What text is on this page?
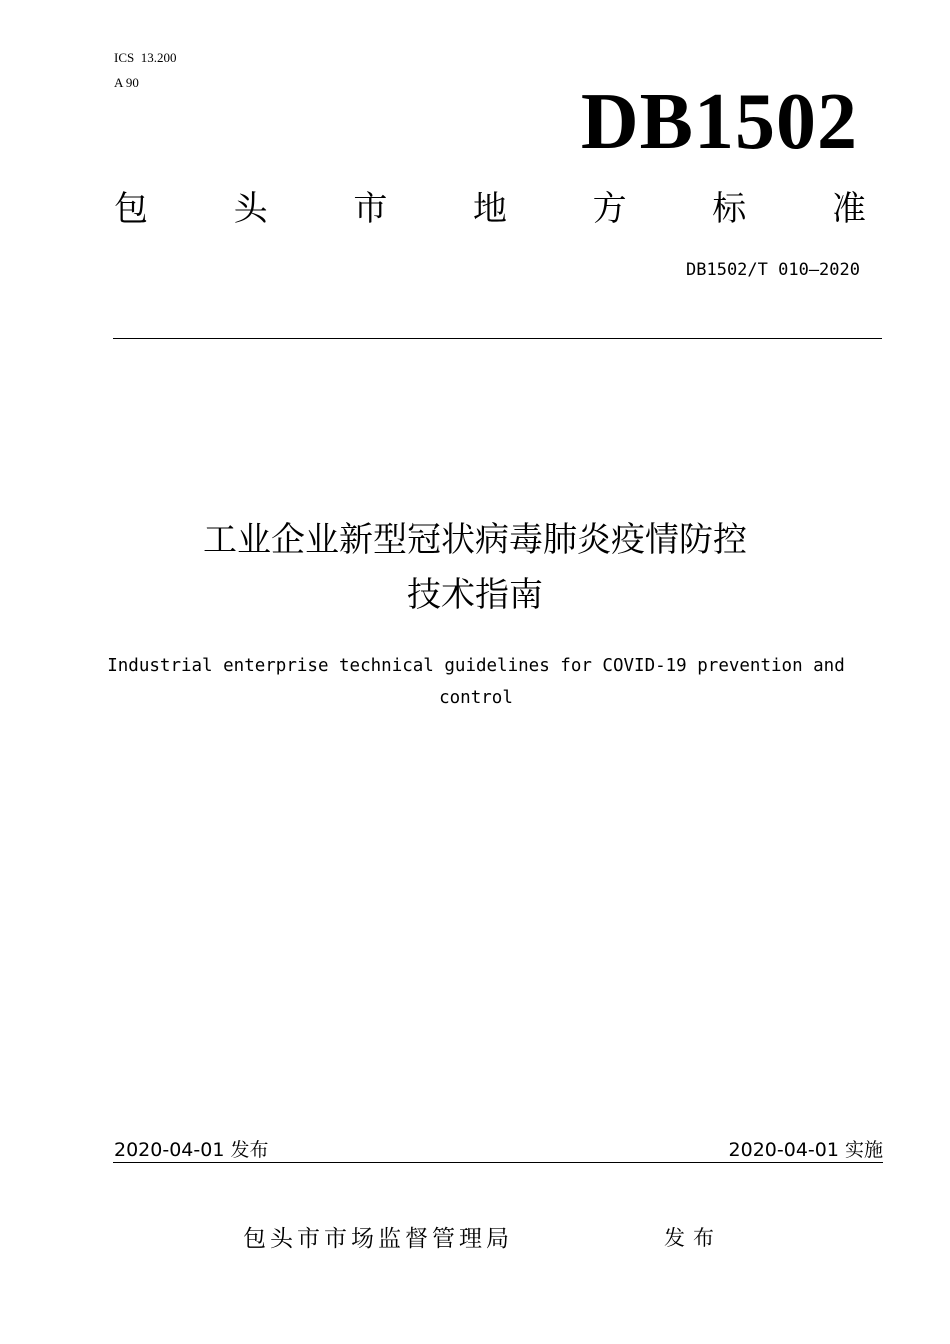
ICS  13.200
A 90	DB1502
包	头	市	地	方	标	准
DB1502/T 010—2020
工业企业新型冠状病毒肺炎疫情防控
技术指南
Industrial enterprise technical guidelines for COVID-19 prevention and
control
2020-04-01 发布	2020-04-01 实施
包头市市场监督管理局	发布
